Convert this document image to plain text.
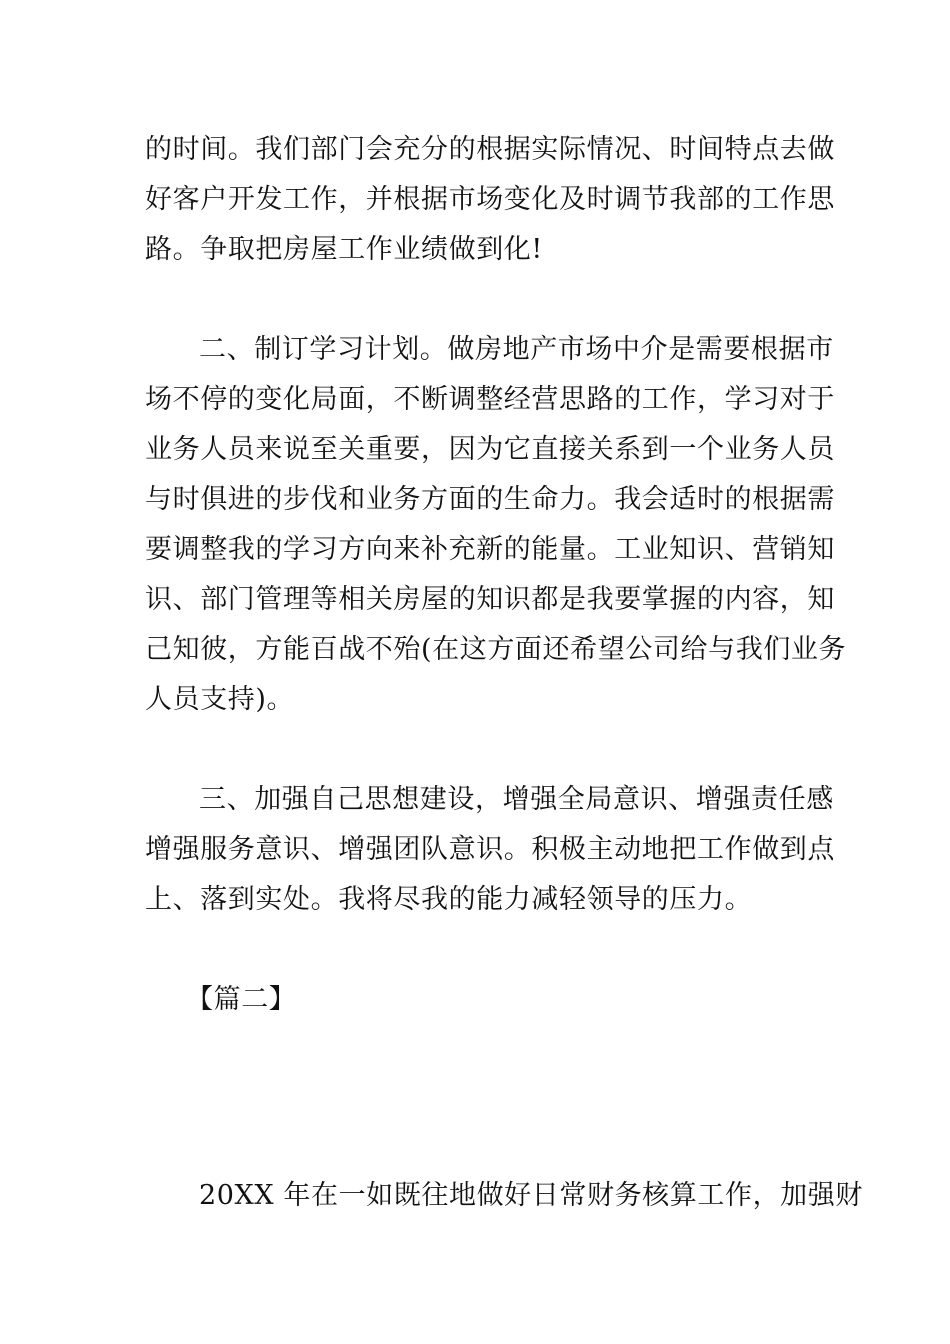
的时间。我们部门会充分的根据实际情况、时间特点去做
好客户开发工作，并根据市场变化及时调节我部的工作思
路。争取把房屋工作业绩做到化!
二、制订学习计划。做房地产市场中介是需要根据市
场不停的变化局面，不断调整经营思路的工作，学习对于
业务人员来说至关重要，因为它直接关系到一个业务人员
与时俱进的步伐和业务方面的生命力。我会适时的根据需
要调整我的学习方向来补充新的能量。工业知识、营销知
识、部门管理等相关房屋的知识都是我要掌握的内容，知
己知彼，方能百战不殆(在这方面还希望公司给与我们业务
人员支持)。
三、加强自己思想建设，增强全局意识、增强责任感
增强服务意识、增强团队意识。积极主动地把工作做到点
上、落到实处。我将尽我的能力减轻领导的压力。
【篇二】
20XX 年在一如既往地做好日常财务核算工作，加强财
